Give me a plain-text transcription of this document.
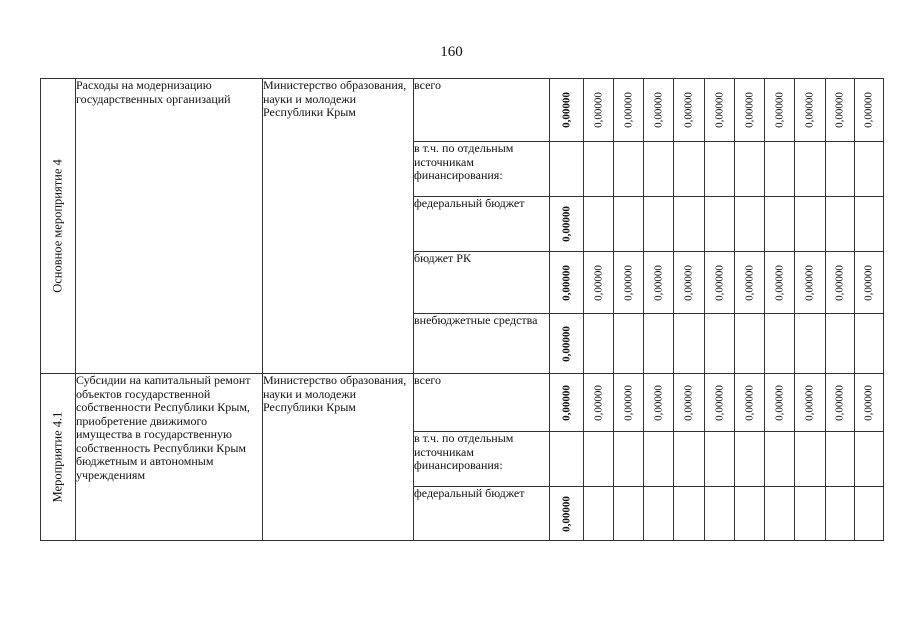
160
Основное мероприятие 4	Расходы на модернизацию государственных организаций	Министерство образования, науки и молодежи Республики Крым	всего	0,00000	0,00000	0,00000	0,00000	0,00000	0,00000	0,00000	0,00000	0,00000	0,00000	0,00000

			в т.ч. по отдельным источникам финансирования:	

			федеральный бюджет	0,00000										

			бюджет РК	0,00000	0,00000	0,00000	0,00000	0,00000	0,00000	0,00000	0,00000	0,00000	0,00000	0,00000

			внебюджетные средства	0,00000										

Мероприятие 4.1	Субсидии на капитальный ремонт объектов государственной собственности Республики Крым, приобретение движимого имущества в государственную собственность Республики Крым бюджетным и автономным учреждениям	Министерство образования, науки и молодежи Республики Крым	всего	0,00000	0,00000	0,00000	0,00000	0,00000	0,00000	0,00000	0,00000	0,00000	0,00000	0,00000

			в т.ч. по отдельным источникам финансирования:	

			федеральный бюджет	0,00000										
